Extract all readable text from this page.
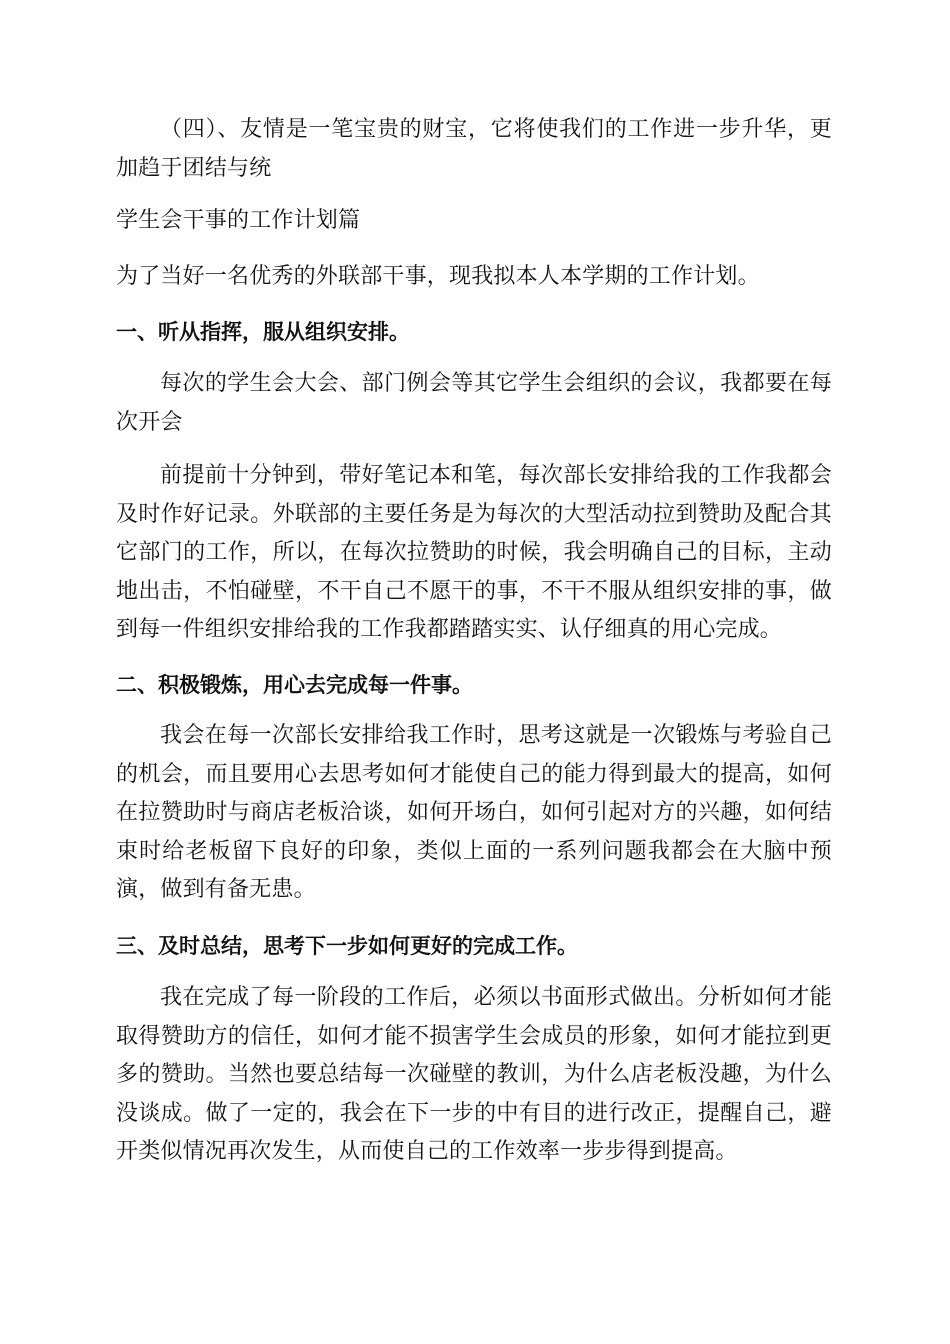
（四）、友情是一笔宝贵的财宝，它将使我们的工作进一步升华，更加趋于团结与统

学生会干事的工作计划篇

为了当好一名优秀的外联部干事，现我拟本人本学期的工作计划。

一、听从指挥，服从组织安排。

每次的学生会大会、部门例会等其它学生会组织的会议，我都要在每次开会

前提前十分钟到，带好笔记本和笔，每次部长安排给我的工作我都会及时作好记录。外联部的主要任务是为每次的大型活动拉到赞助及配合其它部门的工作，所以，在每次拉赞助的时候，我会明确自己的目标，主动地出击，不怕碰壁，不干自己不愿干的事，不干不服从组织安排的事，做到每一件组织安排给我的工作我都踏踏实实、认仔细真的用心完成。

二、积极锻炼，用心去完成每一件事。

我会在每一次部长安排给我工作时，思考这就是一次锻炼与考验自己的机会，而且要用心去思考如何才能使自己的能力得到最大的提高，如何在拉赞助时与商店老板洽谈，如何开场白，如何引起对方的兴趣，如何结束时给老板留下良好的印象，类似上面的一系列问题我都会在大脑中预演，做到有备无患。

三、及时总结，思考下一步如何更好的完成工作。

我在完成了每一阶段的工作后，必须以书面形式做出。分析如何才能取得赞助方的信任，如何才能不损害学生会成员的形象，如何才能拉到更多的赞助。当然也要总结每一次碰壁的教训，为什么店老板没趣，为什么没谈成。做了一定的，我会在下一步的中有目的进行改正，提醒自己，避开类似情况再次发生，从而使自己的工作效率一步步得到提高。
